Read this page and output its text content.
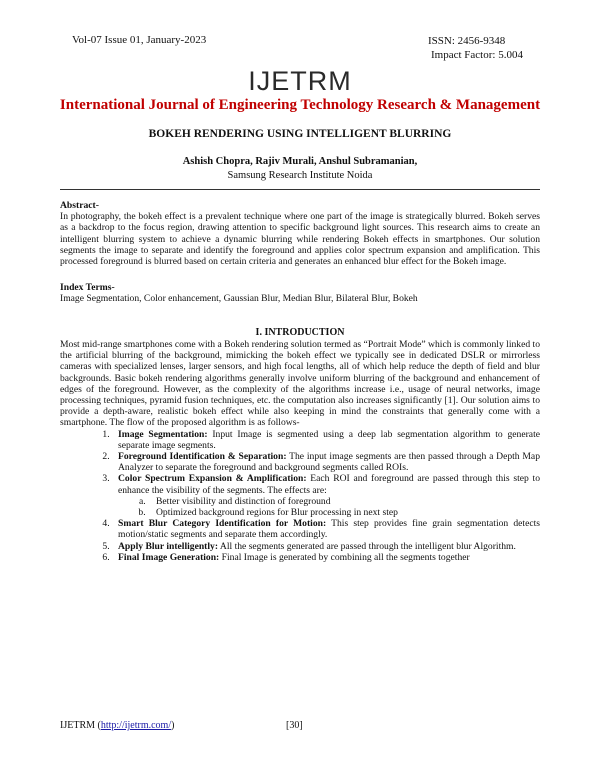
Vol-07 Issue 01, January-2023	ISSN: 2456-9348
Impact Factor: 5.004
IJETRM
International Journal of Engineering Technology Research & Management
BOKEH RENDERING USING INTELLIGENT BLURRING
Ashish Chopra, Rajiv Murali, Anshul Subramanian,
Samsung Research Institute Noida
Abstract-

In photography, the bokeh effect is a prevalent technique where one part of the image is strategically blurred. Bokeh serves as a backdrop to the focus region, drawing attention to specific background light sources. This research aims to create an intelligent blurring system to achieve a dynamic blurring while rendering Bokeh effects in smartphones. Our solution segments the image to separate and identify the foreground and applies color spectrum expansion and amplification. This processed foreground is blurred based on certain criteria and generates an enhanced blur effect for the Bokeh image.

Index Terms-

Image Segmentation, Color enhancement, Gaussian Blur, Median Blur, Bilateral Blur, Bokeh

I. INTRODUCTION

Most mid-range smartphones come with a Bokeh rendering solution termed as “Portrait Mode” which is commonly linked to the artificial blurring of the background, mimicking the bokeh effect we typically see in dedicated DSLR or mirrorless cameras with specialized lenses, larger sensors, and high focal lengths, all of which help reduce the depth of field and blur backgrounds. Basic bokeh rendering algorithms generally involve uniform blurring of the background and enhancement of edges of the foreground. However, as the complexity of the algorithms increase i.e., usage of neural networks, image processing techniques, pyramid fusion techniques, etc. the computation also increases significantly [1]. Our solution aims to provide a depth-aware, realistic bokeh effect while also keeping in mind the constraints that generally come with a smartphone. The flow of the proposed algorithm is as follows-

1. Image Segmentation: Input Image is segmented using a deep lab segmentation algorithm to generate separate image segments.
2. Foreground Identification & Separation: The input image segments are then passed through a Depth Map Analyzer to separate the foreground and background segments called ROIs.
3. Color Spectrum Expansion & Amplification: Each ROI and foreground are passed through this step to enhance the visibility of the segments. The effects are:
a. Better visibility and distinction of foreground
b. Optimized background regions for Blur processing in next step
4. Smart Blur Category Identification for Motion: This step provides fine grain segmentation detects motion/static segments and separate them accordingly.
5. Apply Blur intelligently: All the segments generated are passed through the intelligent blur Algorithm.
6. Final Image Generation: Final Image is generated by combining all the segments together
IJETRM (http://ijetrm.com/)	[30]
